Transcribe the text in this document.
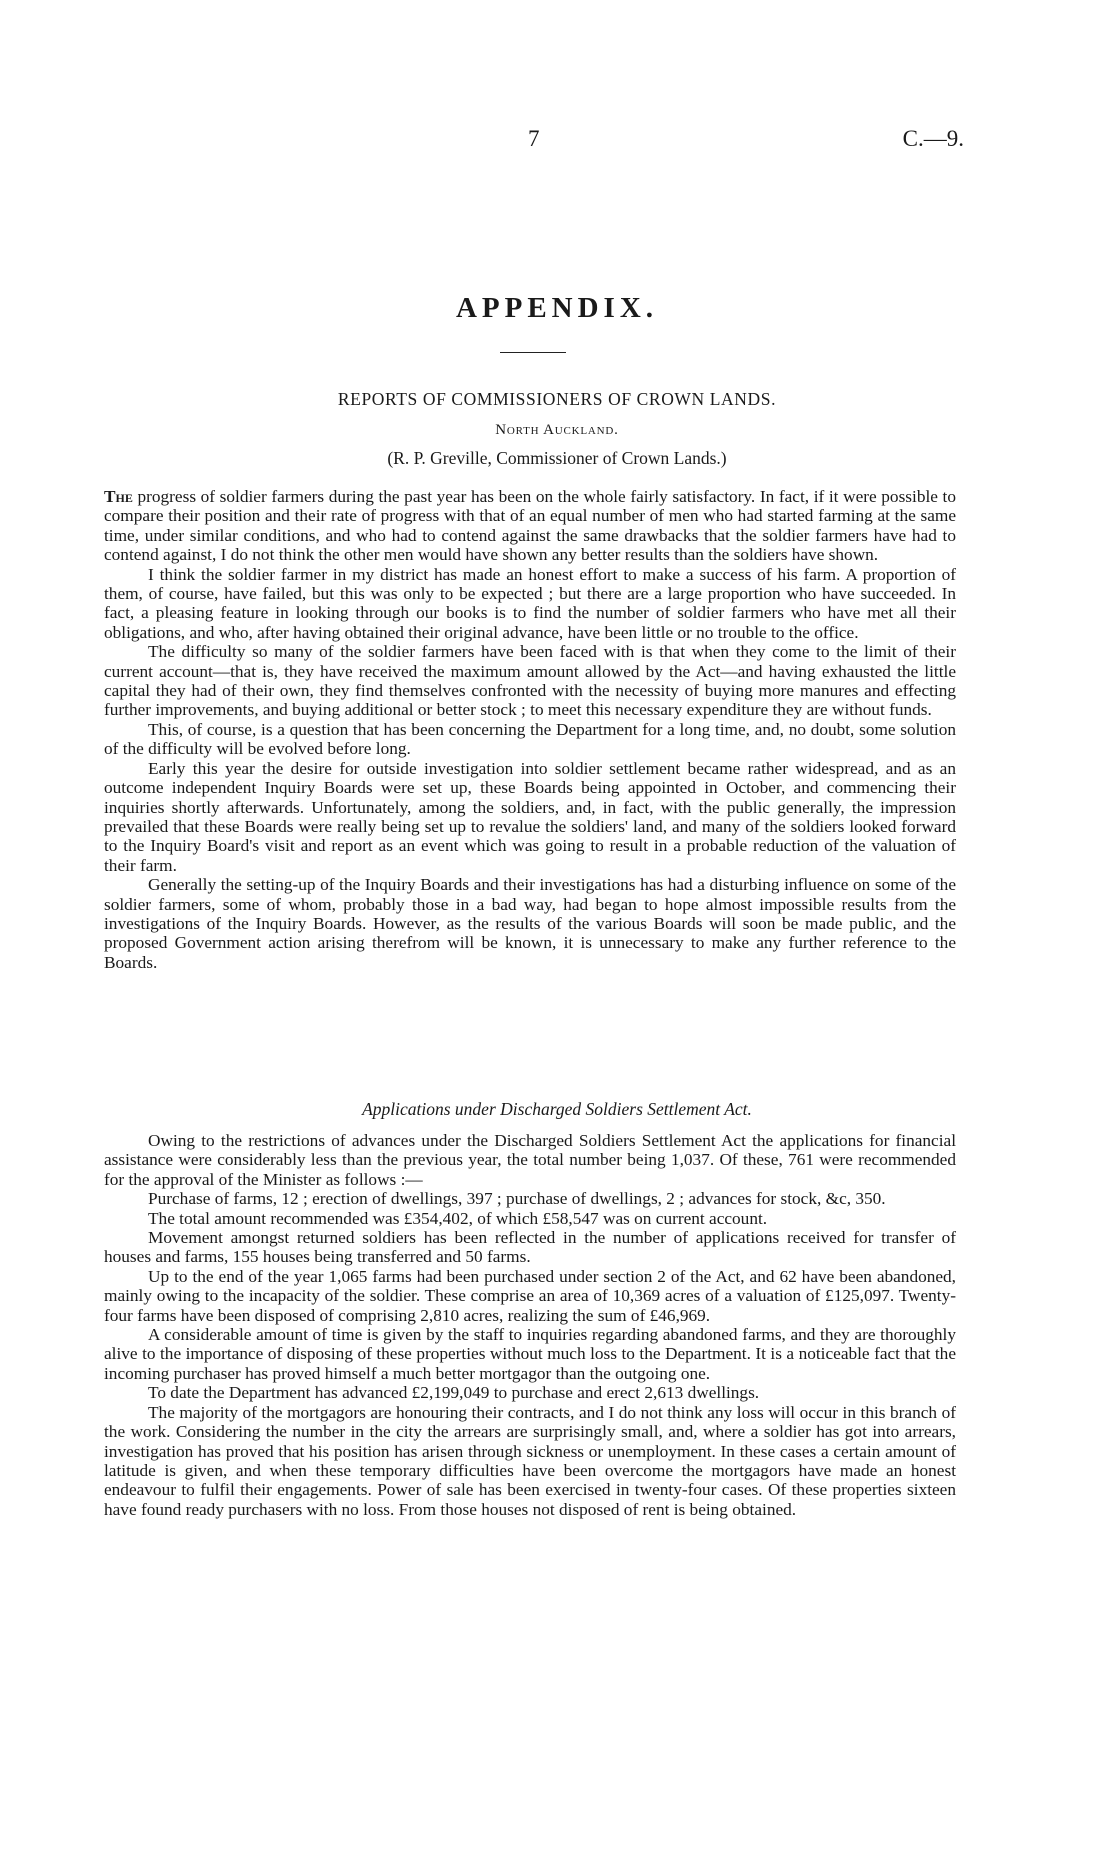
7	C.—9.
APPENDIX.
REPORTS OF COMMISSIONERS OF CROWN LANDS.
North Auckland.
(R. P. Greville, Commissioner of Crown Lands.)

The progress of soldier farmers during the past year has been on the whole fairly satisfactory. In fact, if it were possible to compare their position and their rate of progress with that of an equal number of men who had started farming at the same time, under similar conditions, and who had to contend against the same drawbacks that the soldier farmers have had to contend against, I do not think the other men would have shown any better results than the soldiers have shown.

I think the soldier farmer in my district has made an honest effort to make a success of his farm. A proportion of them, of course, have failed, but this was only to be expected ; but there are a large proportion who have succeeded. In fact, a pleasing feature in looking through our books is to find the number of soldier farmers who have met all their obligations, and who, after having obtained their original advance, have been little or no trouble to the office.

The difficulty so many of the soldier farmers have been faced with is that when they come to the limit of their current account—that is, they have received the maximum amount allowed by the Act—and having exhausted the little capital they had of their own, they find themselves confronted with the necessity of buying more manures and effecting further improvements, and buying additional or better stock ; to meet this necessary expenditure they are without funds.

This, of course, is a question that has been concerning the Department for a long time, and, no doubt, some solution of the difficulty will be evolved before long.

Early this year the desire for outside investigation into soldier settlement became rather widespread, and as an outcome independent Inquiry Boards were set up, these Boards being appointed in October, and commencing their inquiries shortly afterwards. Unfortunately, among the soldiers, and, in fact, with the public generally, the impression prevailed that these Boards were really being set up to revalue the soldiers' land, and many of the soldiers looked forward to the Inquiry Board's visit and report as an event which was going to result in a probable reduction of the valuation of their farm.

Generally the setting-up of the Inquiry Boards and their investigations has had a disturbing influence on some of the soldier farmers, some of whom, probably those in a bad way, had began to hope almost impossible results from the investigations of the Inquiry Boards. However, as the results of the various Boards will soon be made public, and the proposed Government action arising therefrom will be known, it is unnecessary to make any further reference to the Boards.

Applications under Discharged Soldiers Settlement Act.

Owing to the restrictions of advances under the Discharged Soldiers Settlement Act the applications for financial assistance were considerably less than the previous year, the total number being 1,037. Of these, 761 were recommended for the approval of the Minister as follows :—

Purchase of farms, 12 ; erection of dwellings, 397 ; purchase of dwellings, 2 ; advances for stock, &c, 350.

The total amount recommended was £354,402, of which £58,547 was on current account.

Movement amongst returned soldiers has been reflected in the number of applications received for transfer of houses and farms, 155 houses being transferred and 50 farms.

Up to the end of the year 1,065 farms had been purchased under section 2 of the Act, and 62 have been abandoned, mainly owing to the incapacity of the soldier. These comprise an area of 10,369 acres of a valuation of £125,097. Twenty-four farms have been disposed of comprising 2,810 acres, realizing the sum of £46,969.

A considerable amount of time is given by the staff to inquiries regarding abandoned farms, and they are thoroughly alive to the importance of disposing of these properties without much loss to the Department. It is a noticeable fact that the incoming purchaser has proved himself a much better mortgagor than the outgoing one.

To date the Department has advanced £2,199,049 to purchase and erect 2,613 dwellings.

The majority of the mortgagors are honouring their contracts, and I do not think any loss will occur in this branch of the work. Considering the number in the city the arrears are surprisingly small, and, where a soldier has got into arrears, investigation has proved that his position has arisen through sickness or unemployment. In these cases a certain amount of latitude is given, and when these temporary difficulties have been overcome the mortgagors have made an honest endeavour to fulfil their engagements. Power of sale has been exercised in twenty-four cases. Of these properties sixteen have found ready purchasers with no loss. From those houses not disposed of rent is being obtained.
